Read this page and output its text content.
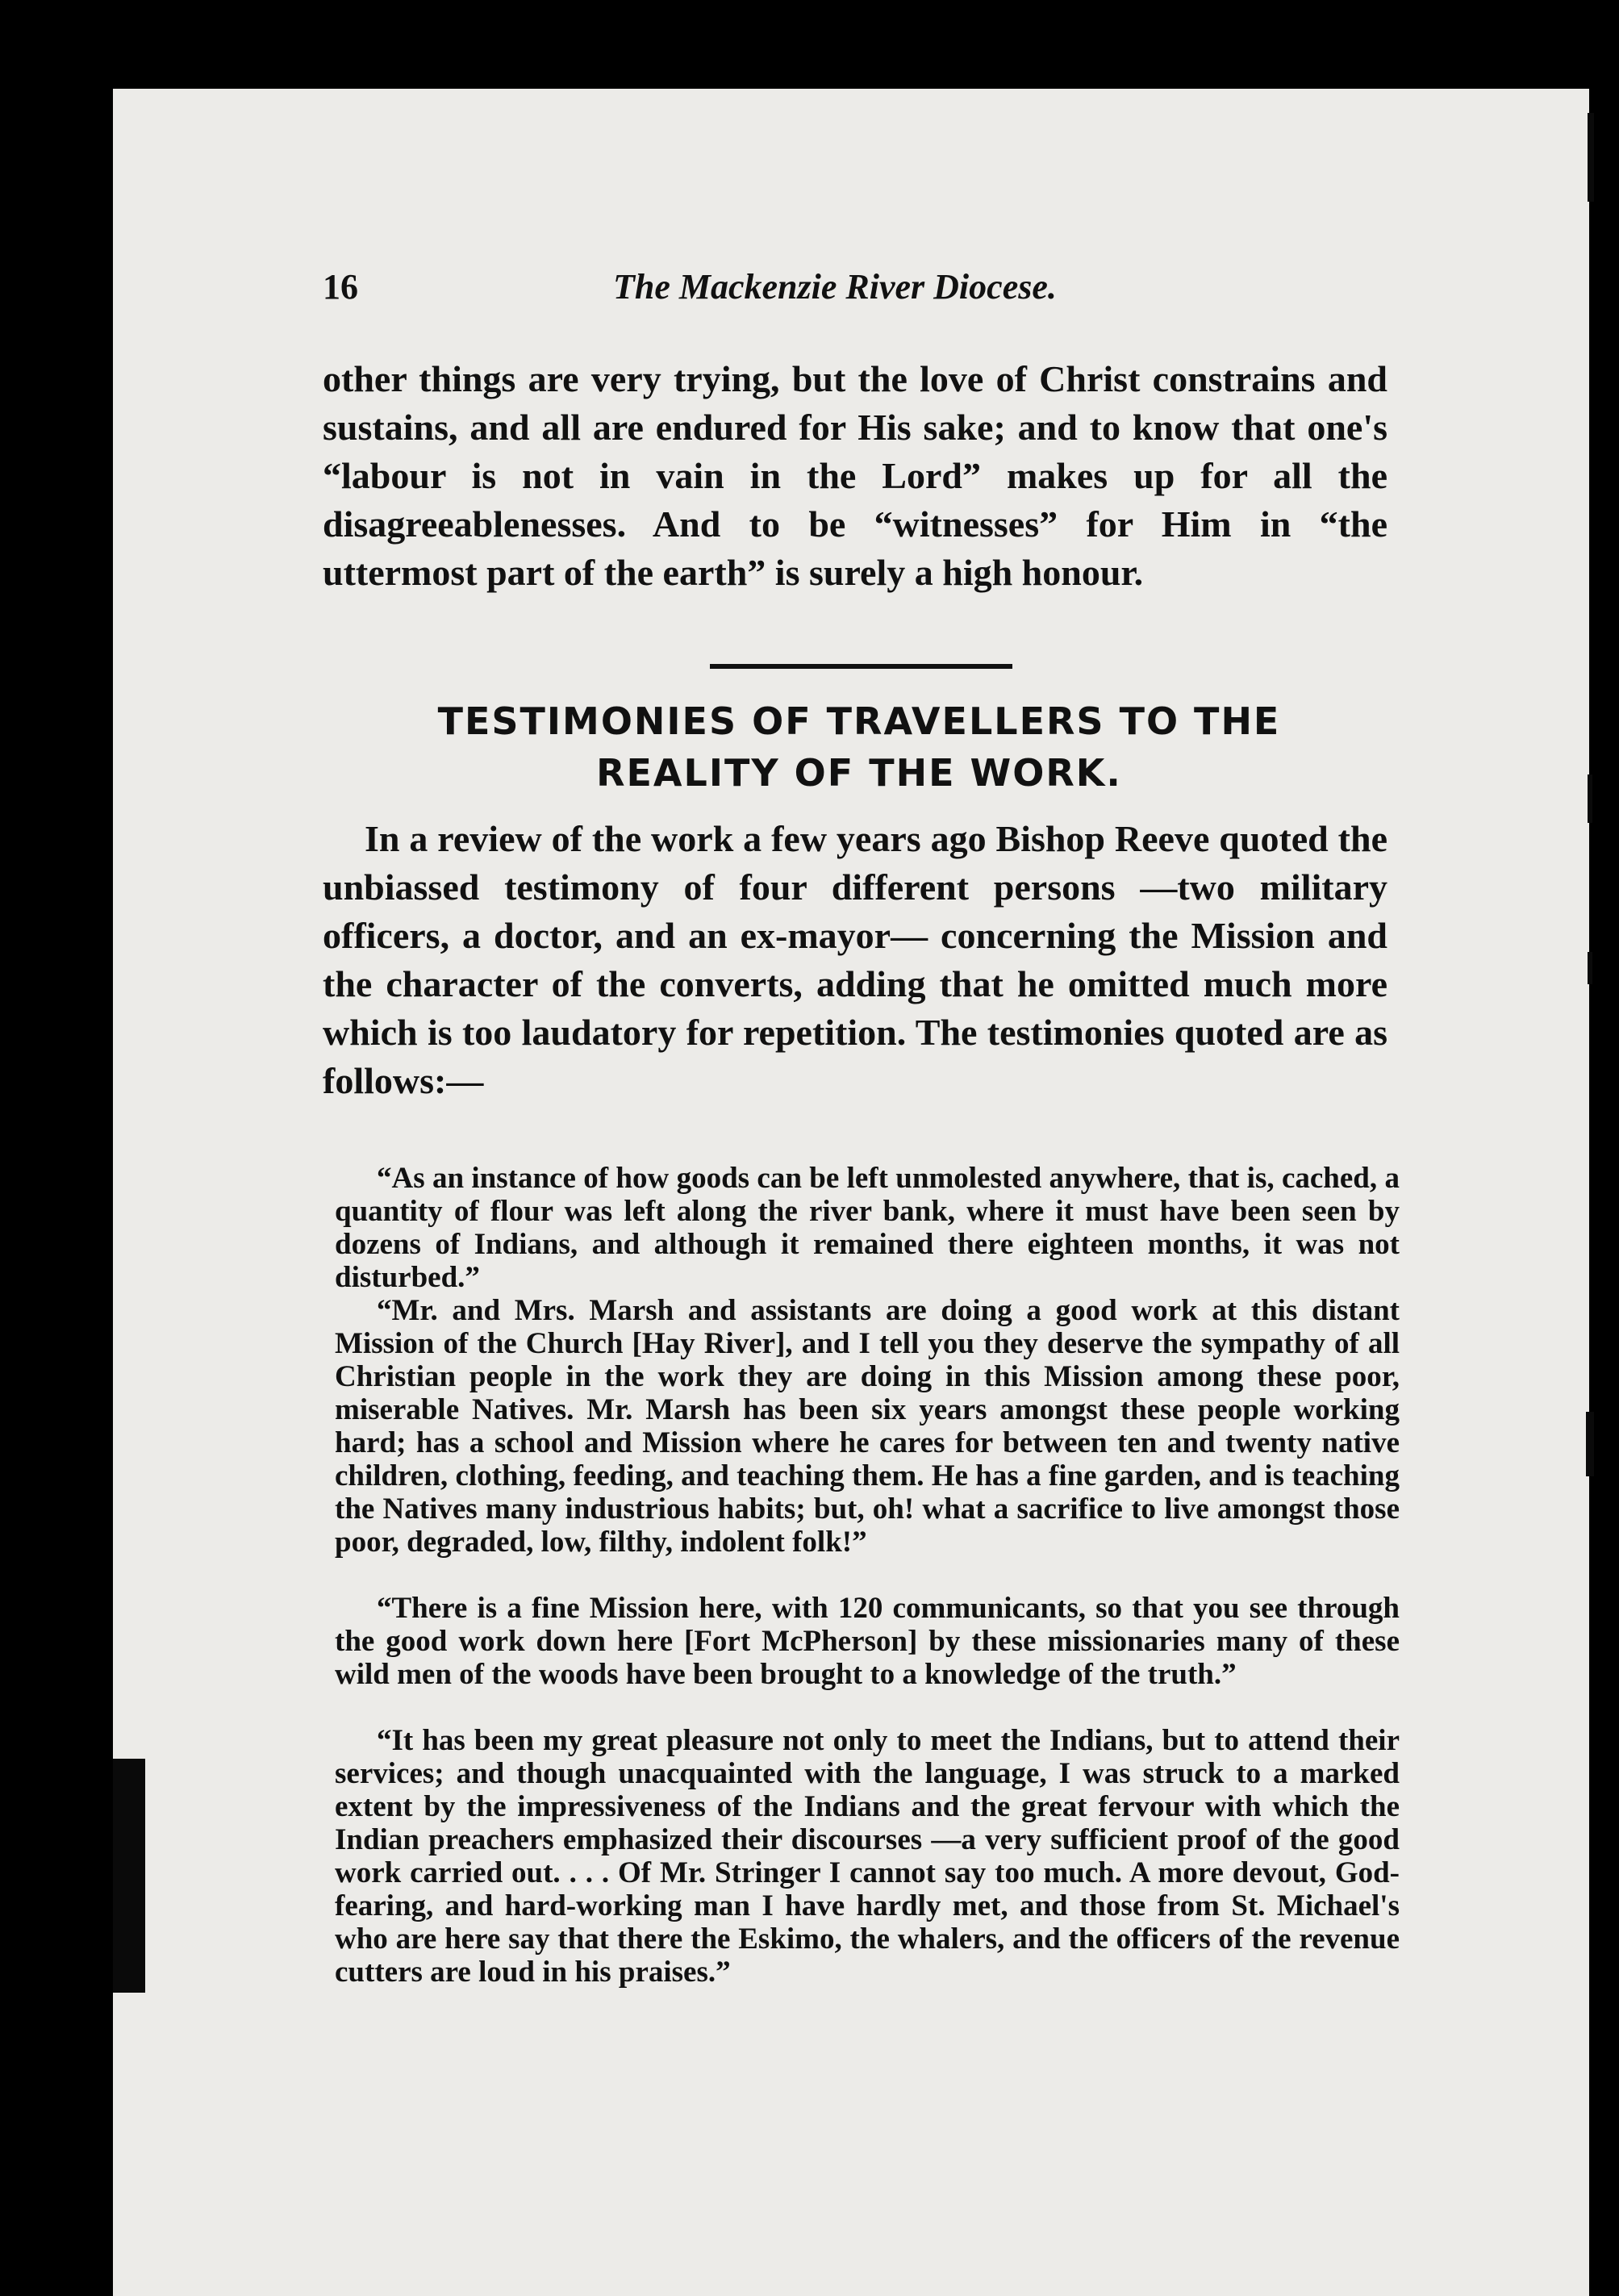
16	The Mackenzie River Diocese.
other things are very trying, but the love of Christ constrains and sustains, and all are endured for His sake; and to know that one's “labour is not in vain in the Lord” makes up for all the disagreeablenesses. And to be “witnesses” for Him in “the uttermost part of the earth” is surely a high honour.
TESTIMONIES OF TRAVELLERS TO THE REALITY OF THE WORK.
In a review of the work a few years ago Bishop Reeve quoted the unbiassed testimony of four different persons —two military officers, a doctor, and an ex-mayor— concerning the Mission and the character of the converts, adding that he omitted much more which is too laudatory for repetition. The testimonies quoted are as follows:—
“As an instance of how goods can be left unmolested anywhere, that is, cached, a quantity of flour was left along the river bank, where it must have been seen by dozens of Indians, and although it remained there eighteen months, it was not disturbed.”
“Mr. and Mrs. Marsh and assistants are doing a good work at this distant Mission of the Church [Hay River], and I tell you they deserve the sympathy of all Christian people in the work they are doing in this Mission among these poor, miserable Natives. Mr. Marsh has been six years amongst these people working hard; has a school and Mission where he cares for between ten and twenty native children, clothing, feeding, and teaching them. He has a fine garden, and is teaching the Natives many industrious habits; but, oh! what a sacrifice to live amongst those poor, degraded, low, filthy, indolent folk!”
“There is a fine Mission here, with 120 communicants, so that you see through the good work down here [Fort McPherson] by these missionaries many of these wild men of the woods have been brought to a knowledge of the truth.”
“It has been my great pleasure not only to meet the Indians, but to attend their services; and though unacquainted with the language, I was struck to a marked extent by the impressiveness of the Indians and the great fervour with which the Indian preachers emphasized their discourses —a very sufficient proof of the good work carried out. . . . Of Mr. Stringer I cannot say too much. A more devout, God-fearing, and hard-working man I have hardly met, and those from St. Michael's who are here say that there the Eskimo, the whalers, and the officers of the revenue cutters are loud in his praises.”
